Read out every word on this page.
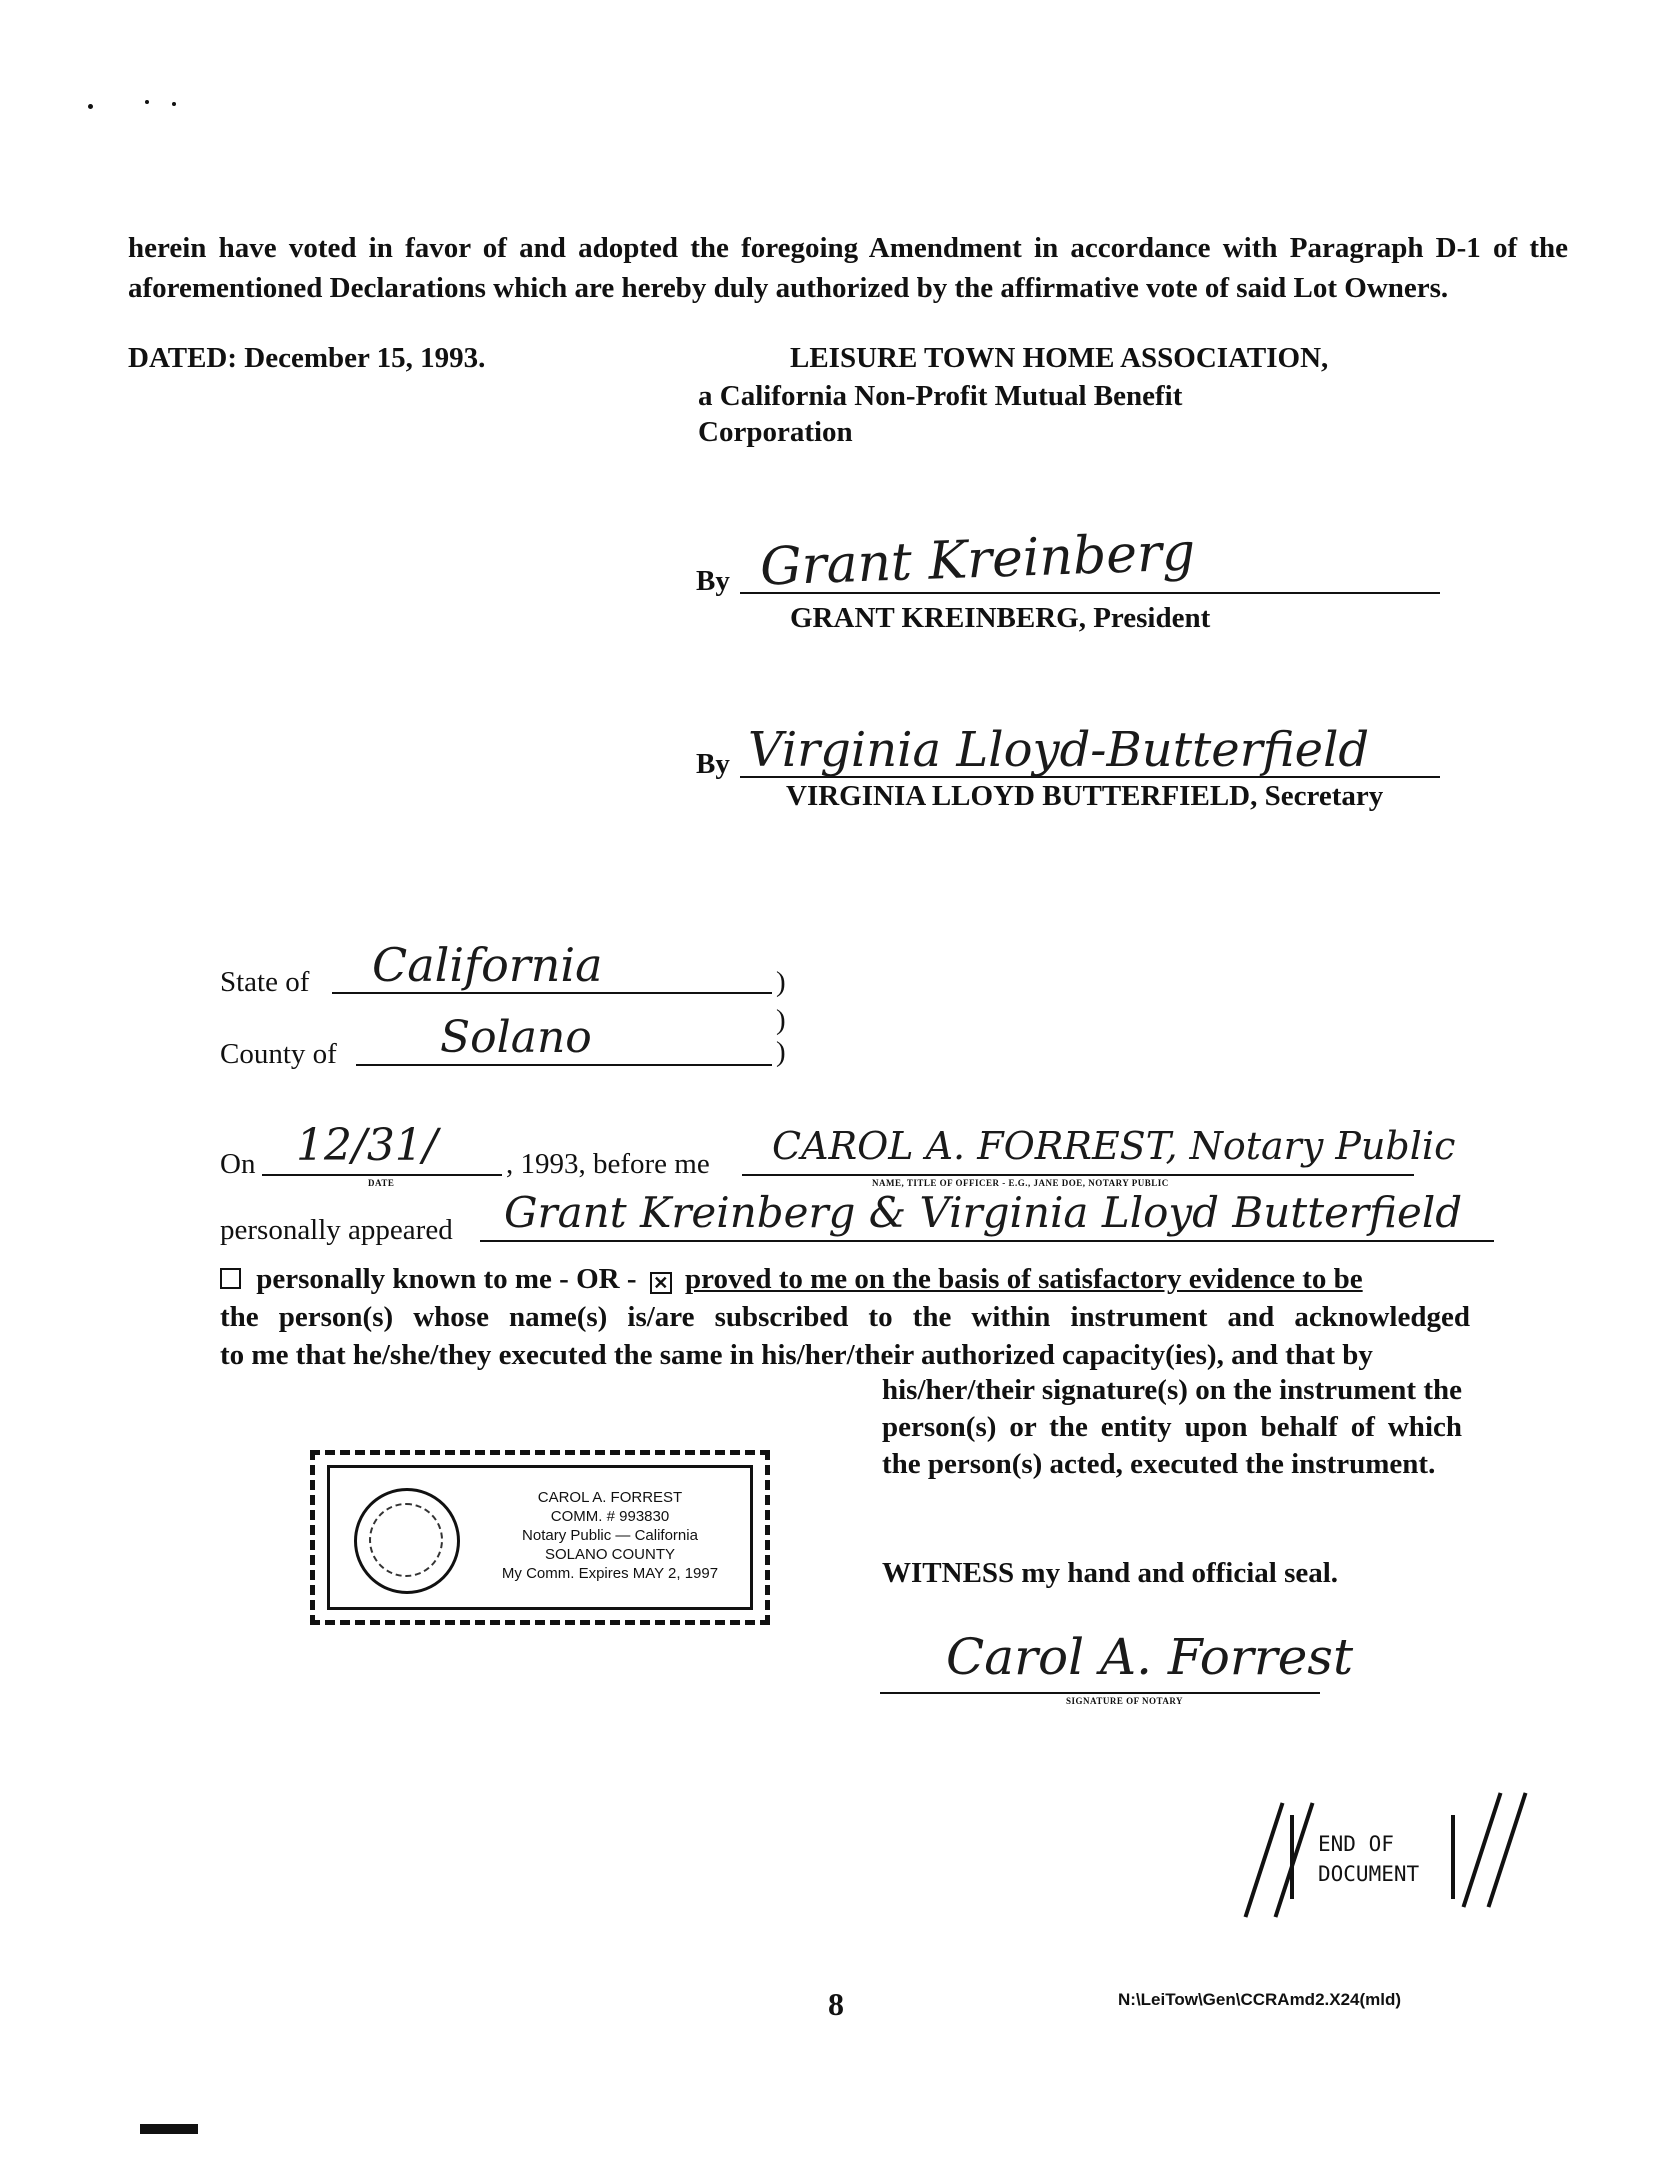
herein have voted in favor of and adopted the foregoing Amendment in accordance with Paragraph D-1 of the aforementioned Declarations which are hereby duly authorized by the affirmative vote of said Lot Owners.
DATED: December 15, 1993.	LEISURE TOWN HOME ASSOCIATION,
a California Non-Profit Mutual Benefit
Corporation
By Grant Kreinberg
GRANT KREINBERG, President
By Virginia Lloyd-Butterfield
VIRGINIA LLOYD BUTTERFIELD, Secretary
State of California	)
County of Solano	)
)
On 12/31/
DATE
, 1993, before me CAROL A. FORREST, Notary Public
NAME, TITLE OF OFFICER - E.G., JANE DOE, NOTARY PUBLIC
personally appeared Grant Kreinberg & Virginia Lloyd Butterfield
personally known to me - OR - ✕ proved to me on the basis of satisfactory evidence to be
the person(s) whose name(s) is/are subscribed to the within instrument and acknowledged
to me that he/she/they executed the same in his/her/their authorized capacity(ies), and that by
his/her/their signature(s) on the instrument the person(s) or the entity upon behalf of which the person(s) acted, executed the instrument.
CAROL A. FORREST
COMM. # 993830
Notary Public — California
SOLANO COUNTY
My Comm. Expires MAY 2, 1997	WITNESS my hand and official seal.
Carol A. Forrest
SIGNATURE OF NOTARY
END OF
DOCUMENT
8	N:\LeiTow\Gen\CCRAmd2.X24(mld)
